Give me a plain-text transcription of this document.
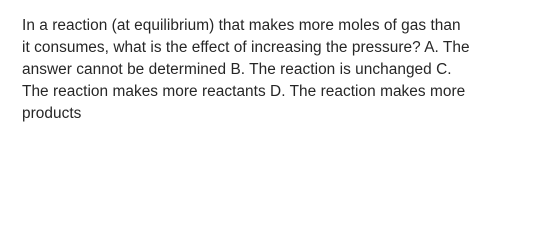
In a reaction (at equilibrium) that makes more moles of gas than
it consumes, what is the effect of increasing the pressure? A. The
answer cannot be determined B. The reaction is unchanged C.
The reaction makes more reactants D. The reaction makes more
products
